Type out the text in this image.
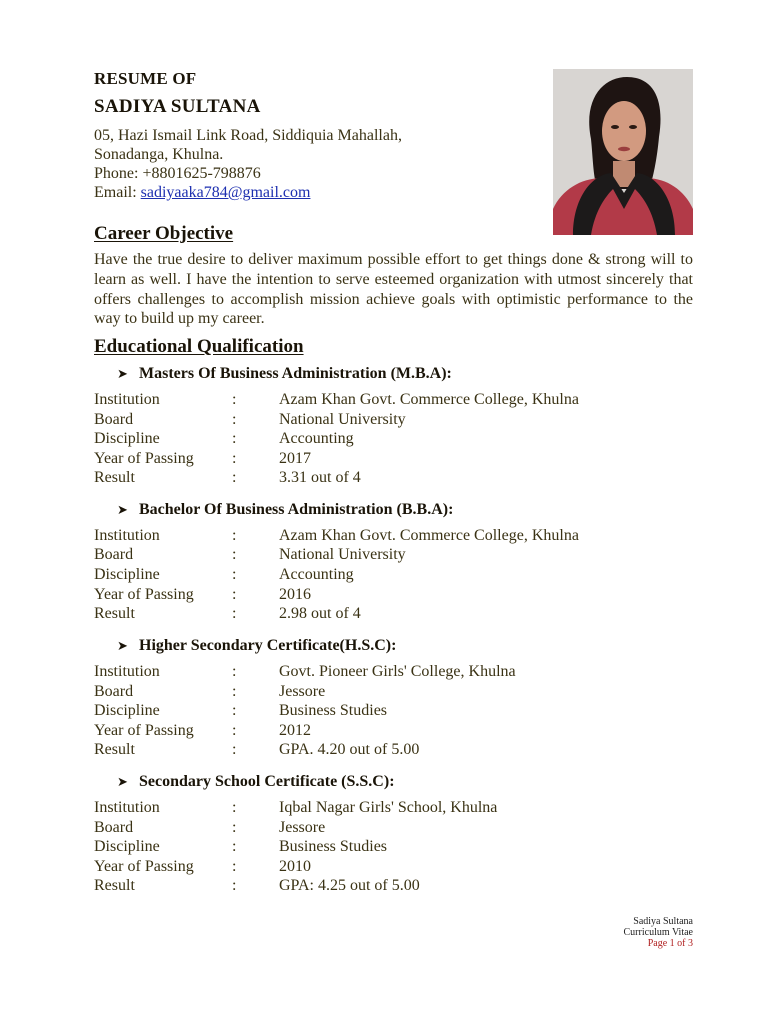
RESUME OF
SADIYA SULTANA
05, Hazi Ismail Link Road, Siddiquia Mahallah,
Sonadanga, Khulna.
Phone: +8801625-798876
Email: sadiyaaka784@gmail.com
Career Objective
Have the true desire to deliver maximum possible effort to get things done & strong will to learn as well. I have the intention to serve esteemed organization with utmost sincerely that offers challenges to accomplish mission achieve goals with optimistic performance to the way to build up my career.
Educational Qualification
➤ Masters Of Business Administration (M.B.A):
Institution	:	Azam Khan Govt. Commerce College, Khulna
Board	:	National University
Discipline	:	Accounting
Year of Passing :	2017
Result	:	3.31 out of 4
➤ Bachelor Of Business Administration (B.B.A):
Institution	:	Azam Khan Govt. Commerce College, Khulna
Board	:	National University
Discipline	:	Accounting
Year of Passing :	2016
Result	:	2.98 out of 4
➤ Higher Secondary Certificate(H.S.C):
Institution	:	Govt. Pioneer Girls' College, Khulna
Board	:	Jessore
Discipline	:	Business Studies
Year of Passing :	2012
Result	:	GPA. 4.20 out of 5.00
➤ Secondary School Certificate (S.S.C):
Institution	:	Iqbal Nagar Girls' School, Khulna
Board	:	Jessore
Discipline	:	Business Studies
Year of Passing :	2010
Result	:	GPA: 4.25 out of 5.00
Sadiya Sultana
Curriculum Vitae
Page 1 of 3
